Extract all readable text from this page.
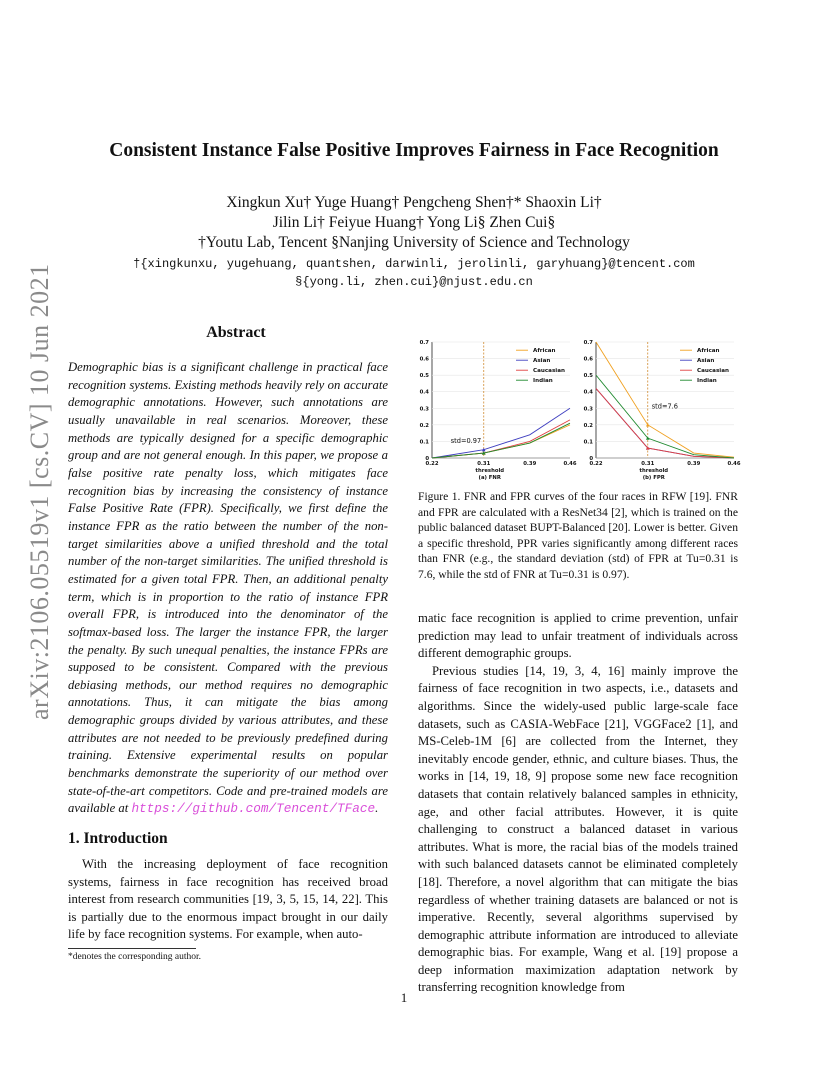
arXiv:2106.05519v1 [cs.CV] 10 Jun 2021
Consistent Instance False Positive Improves Fairness in Face Recognition
Xingkun Xu† Yuge Huang† Pengcheng Shen†* Shaoxin Li†
Jilin Li† Feiyue Huang† Yong Li§ Zhen Cui§
†Youtu Lab, Tencent §Nanjing University of Science and Technology
†{xingkunxu, yugehuang, quantshen, darwinli, jerolinli, garyhuang}@tencent.com
§{yong.li, zhen.cui}@njust.edu.cn
Abstract
Demographic bias is a significant challenge in practical face recognition systems. Existing methods heavily rely on accurate demographic annotations. However, such annotations are usually unavailable in real scenarios. Moreover, these methods are typically designed for a specific demographic group and are not general enough. In this paper, we propose a false positive rate penalty loss, which mitigates face recognition bias by increasing the consistency of instance False Positive Rate (FPR). Specifically, we first define the instance FPR as the ratio between the number of the non-target similarities above a unified threshold and the total number of the non-target similarities. The unified threshold is estimated for a given total FPR. Then, an additional penalty term, which is in proportion to the ratio of instance FPR overall FPR, is introduced into the denominator of the softmax-based loss. The larger the instance FPR, the larger the penalty. By such unequal penalties, the instance FPRs are supposed to be consistent. Compared with the previous debiasing methods, our method requires no demographic annotations. Thus, it can mitigate the bias among demographic groups divided by various attributes, and these attributes are not needed to be previously predefined during training. Extensive experimental results on popular benchmarks demonstrate the superiority of our method over state-of-the-art competitors. Code and pre-trained models are available at https://github.com/Tencent/TFace.
1. Introduction
With the increasing deployment of face recognition systems, fairness in face recognition has received broad interest from research communities [19, 3, 5, 15, 14, 22]. This is partially due to the enormous impact brought in our daily life by face recognition systems. For example, when auto-
*denotes the corresponding author.
0
0.1
0.2
0.3
0.4
0.5
0.6
0.7
0.22	0.31	0.39	0.46
threshold
(a) FNR
std=0.97
African
Asian
Caucasian
Indian
0
0.1
0.2
0.3
0.4
0.5
0.6
0.7
0.22	0.31	0.39	0.46
threshold
(b) FPR
std=7.6
African
Asian
Caucasian
Indian
Figure 1. FNR and FPR curves of the four races in RFW [19]. FNR and FPR are calculated with a ResNet34 [2], which is trained on the public balanced dataset BUPT-Balanced [20]. Lower is better. Given a specific threshold, PPR varies significantly among different races than FNR (e.g., the standard deviation (std) of FPR at Tu=0.31 is 7.6, while the std of FNR at Tu=0.31 is 0.97).

matic face recognition is applied to crime prevention, unfair prediction may lead to unfair treatment of individuals across different demographic groups.

Previous studies [14, 19, 3, 4, 16] mainly improve the fairness of face recognition in two aspects, i.e., datasets and algorithms. Since the widely-used public large-scale face datasets, such as CASIA-WebFace [21], VGGFace2 [1], and MS-Celeb-1M [6] are collected from the Internet, they inevitably encode gender, ethnic, and culture biases. Thus, the works in [14, 19, 18, 9] propose some new face recognition datasets that contain relatively balanced samples in ethnicity, age, and other facial attributes. However, it is quite challenging to construct a balanced dataset in various attributes. What is more, the racial bias of the models trained with such balanced datasets cannot be eliminated completely [18]. Therefore, a novel algorithm that can mitigate the bias regardless of whether training datasets are balanced or not is imperative. Recently, several algorithms supervised by demographic attribute information are introduced to alleviate demographic bias. For example, Wang et al. [19] propose a deep information maximization adaptation network by transferring recognition knowledge from

1
